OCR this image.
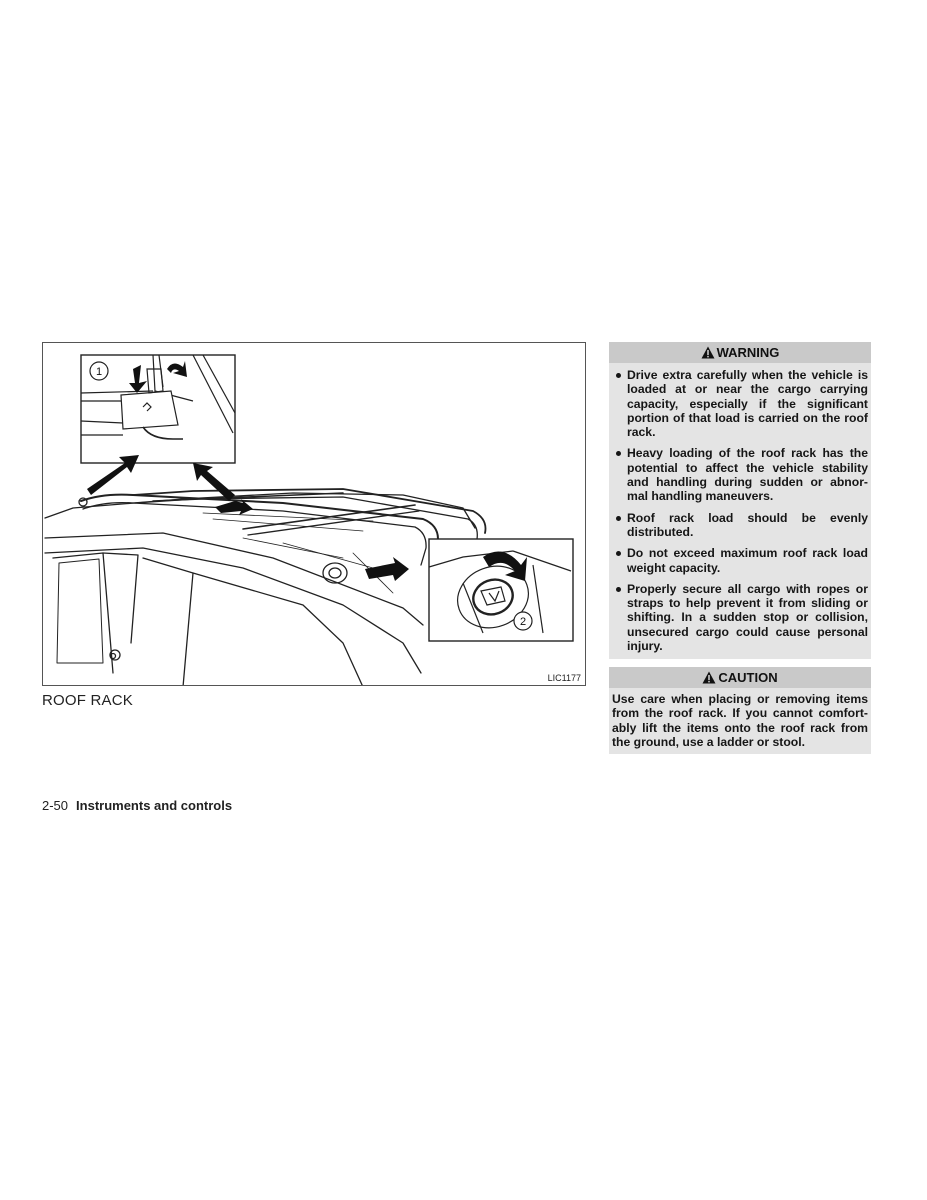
1
2
LIC1177
ROOF RACK
WARNING
Drive extra carefully when the vehicle is loaded at or near the cargo carrying capacity, especially if the significant portion of that load is carried on the roof rack.
Heavy loading of the roof rack has the potential to affect the vehicle stability and handling during sudden or abnor- mal handling maneuvers.
Roof rack load should be evenly distributed.
Do not exceed maximum roof rack load weight capacity.
Properly secure all cargo with ropes or straps to help prevent it from sliding or shifting. In a sudden stop or collision, unsecured cargo could cause personal injury.
CAUTION
Use care when placing or removing items from the roof rack. If you cannot comfort- ably lift the items onto the roof rack from the ground, use a ladder or stool.
2-50 Instruments and controls
